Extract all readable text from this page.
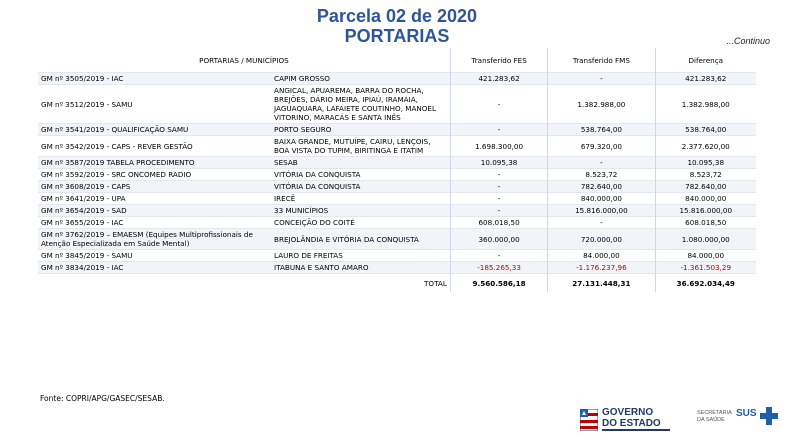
Parcela 02 de 2020
PORTARIAS	...Continuo
PORTARIAS / MUNICÍPIOS		Transferido FES	Transferido FMS	Diferença
GM nº 3505/2019 - IAC	CAPIM GROSSO	421.283,62	-	421.283,62
GM nº 3512/2019 - SAMU	ANGICAL, APUAREMA, BARRA DO ROCHA, BREJÕES, DÁRIO MEIRA, IPIAÚ, IRAMAIA, JAGUAQUARA, LAFAIETE COUTINHO, MANOEL VITORINO, MARACÁS E SANTA INÊS	-	1.382.988,00	1.382.988,00
GM nº 3541/2019 - QUALIFICAÇÃO SAMU	PORTO SEGURO	-	538.764,00	538.764,00
GM nº 3542/2019 - CAPS - REVER GESTÃO	BAIXA GRANDE, MUTUÍPE, CAIRU, LENÇOIS, BOA VISTA DO TUPIM, BIRITINGA E ITATIM	1.698.300,00	679.320,00	2.377.620,00
GM nº 3587/2019 TABELA PROCEDIMENTO	SESAB	10.095,38	-	10.095,38
GM nº 3592/2019 - SRC ONCOMED RADIO	VITÓRIA DA CONQUISTA	-	8.523,72	8.523,72
GM nº 3608/2019 - CAPS	VITÓRIA DA CONQUISTA	-	782.640,00	782.640,00
GM nº 3641/2019 - UPA	IRECÊ	-	840.000,00	840.000,00
GM nº 3654/2019 - SAD	33 MUNICÍPIOS	-	15.816.000,00	15.816.000,00
GM nº 3655/2019 - IAC	CONCEIÇÃO DO COITÉ	608.018,50	-	608.018,50
GM nº 3762/2019 – EMAESM (Equipes Multiprofissionais de Atenção Especializada em Saúde Mental)	BREJOLÂNDIA E VITÓRIA DA CONQUISTA	360.000,00	720.000,00	1.080.000,00
GM nº 3845/2019 - SAMU	LAURO DE FREITAS	-	84.000,00	84.000,00
GM nº 3834/2019 - IAC	ITABUNA E SANTO AMARO	-185.265,33	-1.176.237,96	-1.361.503,29
TOTAL		9.560.586,18	27.131.448,31	36.692.034,49
Fonte: COPRI/APG/GASEC/SESAB.
GOVERNO
DO ESTADO
SECRETARIA DA SAÚDE
SUS
